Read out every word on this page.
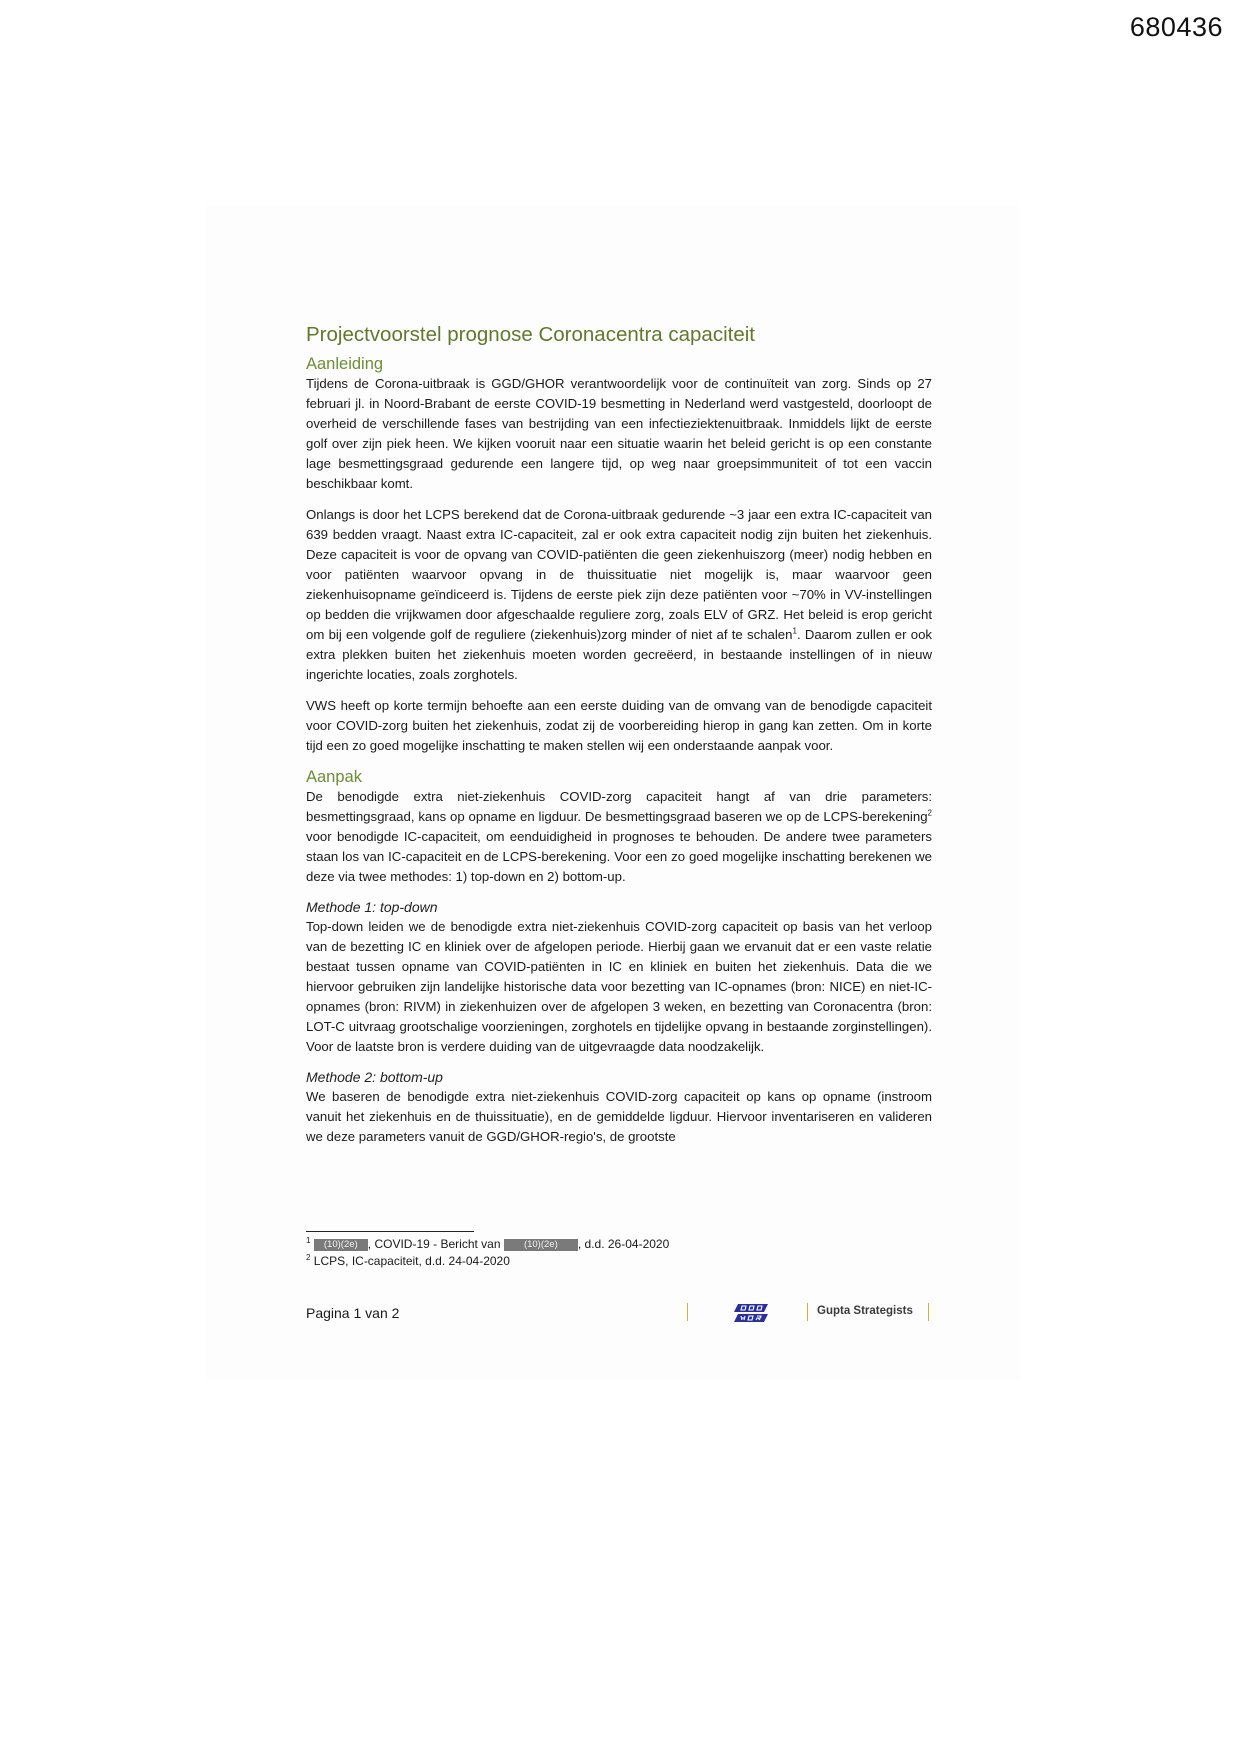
680436
Projectvoorstel prognose Coronacentra capaciteit
Aanleiding

Tijdens de Corona-uitbraak is GGD/GHOR verantwoordelijk voor de continuïteit van zorg. Sinds op 27 februari jl. in Noord-Brabant de eerste COVID-19 besmetting in Nederland werd vastgesteld, doorloopt de overheid de verschillende fases van bestrijding van een infectieziektenuitbraak. Inmiddels lijkt de eerste golf over zijn piek heen. We kijken vooruit naar een situatie waarin het beleid gericht is op een constante lage besmettingsgraad gedurende een langere tijd, op weg naar groepsimmuniteit of tot een vaccin beschikbaar komt.

Onlangs is door het LCPS berekend dat de Corona-uitbraak gedurende ~3 jaar een extra IC-capaciteit van 639 bedden vraagt. Naast extra IC-capaciteit, zal er ook extra capaciteit nodig zijn buiten het ziekenhuis. Deze capaciteit is voor de opvang van COVID-patiënten die geen ziekenhuiszorg (meer) nodig hebben en voor patiënten waarvoor opvang in de thuissituatie niet mogelijk is, maar waarvoor geen ziekenhuisopname geïndiceerd is. Tijdens de eerste piek zijn deze patiënten voor ~70% in VV-instellingen op bedden die vrijkwamen door afgeschaalde reguliere zorg, zoals ELV of GRZ. Het beleid is erop gericht om bij een volgende golf de reguliere (ziekenhuis)zorg minder of niet af te schalen$^1$. Daarom zullen er ook extra plekken buiten het ziekenhuis moeten worden gecreëerd, in bestaande instellingen of in nieuw ingerichte locaties, zoals zorghotels.

VWS heeft op korte termijn behoefte aan een eerste duiding van de omvang van de benodigde capaciteit voor COVID-zorg buiten het ziekenhuis, zodat zij de voorbereiding hierop in gang kan zetten. Om in korte tijd een zo goed mogelijke inschatting te maken stellen wij een onderstaande aanpak voor.

Aanpak

De benodigde extra niet-ziekenhuis COVID-zorg capaciteit hangt af van drie parameters: besmettingsgraad, kans op opname en ligduur. De besmettingsgraad baseren we op de LCPS-berekening$^2$ voor benodigde IC-capaciteit, om eenduidigheid in prognoses te behouden. De andere twee parameters staan los van IC-capaciteit en de LCPS-berekening. Voor een zo goed mogelijke inschatting berekenen we deze via twee methodes: 1) top-down en 2) bottom-up.

Methode 1: top-down

Top-down leiden we de benodigde extra niet-ziekenhuis COVID-zorg capaciteit op basis van het verloop van de bezetting IC en kliniek over de afgelopen periode. Hierbij gaan we ervanuit dat er een vaste relatie bestaat tussen opname van COVID-patiënten in IC en kliniek en buiten het ziekenhuis. Data die we hiervoor gebruiken zijn landelijke historische data voor bezetting van IC-opnames (bron: NICE) en niet-IC-opnames (bron: RIVM) in ziekenhuizen over de afgelopen 3 weken, en bezetting van Coronacentra (bron: LOT-C uitvraag grootschalige voorzieningen, zorghotels en tijdelijke opvang in bestaande zorginstellingen). Voor de laatste bron is verdere duiding van de uitgevraagde data noodzakelijk.

Methode 2: bottom-up

We baseren de benodigde extra niet-ziekenhuis COVID-zorg capaciteit op kans op opname (instroom vanuit het ziekenhuis en de thuissituatie), en de gemiddelde ligduur. Hiervoor inventariseren en valideren we deze parameters vanuit de GGD/GHOR-regio's, de grootste

$^1$ (10)(2e) , COVID-19 - Bericht van (10)(2e) , d.d. 26-04-2020
$^2$ LCPS, IC-capaciteit, d.d. 24-04-2020
Pagina 1 van 2	Gupta Strategists
